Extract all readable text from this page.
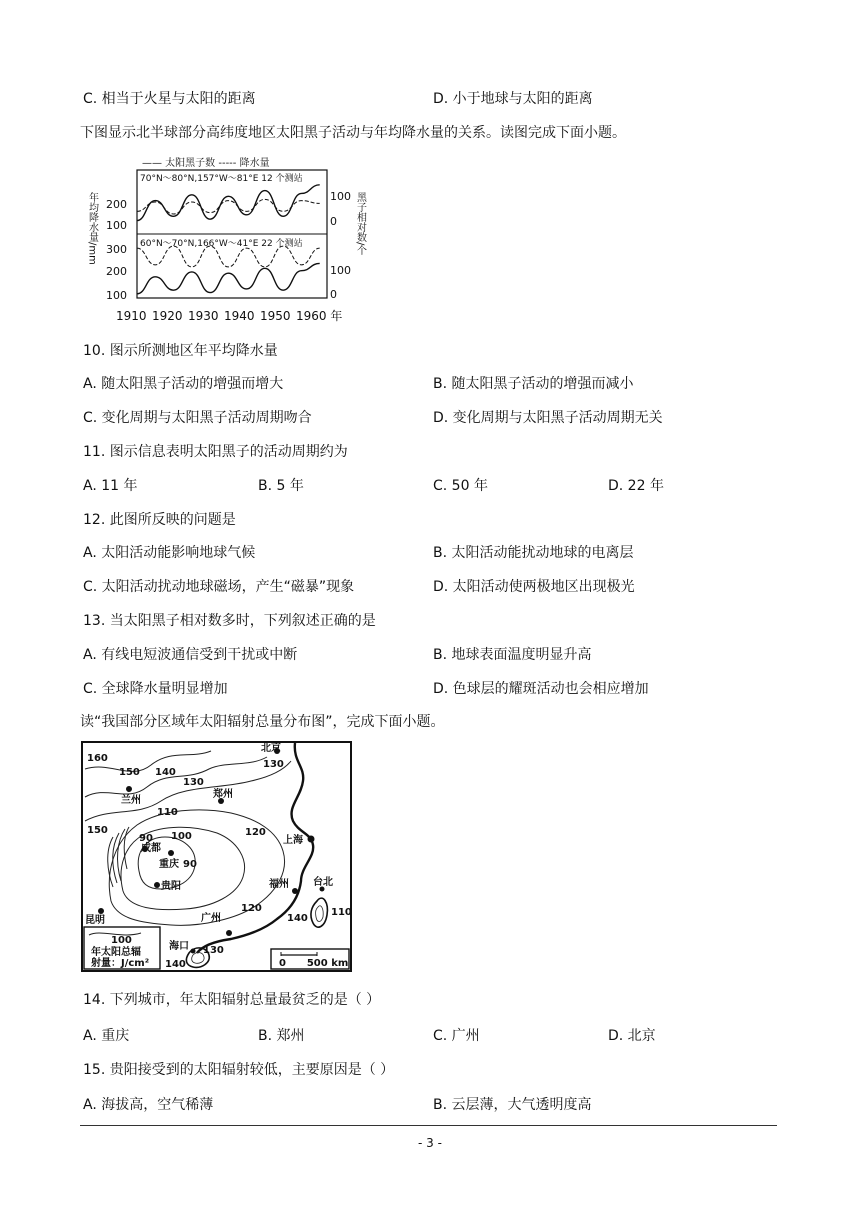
C. 相当于火星与太阳的距离	D. 小于地球与太阳的距离
下图显示北半球部分高纬度地区太阳黑子活动与年均降水量的关系。读图完成下面小题。
—— 太阳黑子数 ----- 降水量
70°N～80°N,157°W～81°E 12 个测站
60°N～70°N,166°W～41°E 22 个测站
年均降水量/mm	黑子相对数/个
200
100
300
200
100
100
0
100
0
1910 1920 1930 1940 1950 1960 年
10. 图示所测地区年平均降水量
A. 随太阳黑子活动的增强而增大	B. 随太阳黑子活动的增强而减小
C. 变化周期与太阳黑子活动周期吻合	D. 变化周期与太阳黑子活动周期无关
11. 图示信息表明太阳黑子的活动周期约为
A. 11 年	B. 5 年	C. 50 年	D. 22 年
12. 此图所反映的问题是
A. 太阳活动能影响地球气候	B. 太阳活动能扰动地球的电离层
C. 太阳活动扰动地球磁场，产生“磁暴”现象	D. 太阳活动使两极地区出现极光
13. 当太阳黑子相对数多时，下列叙述正确的是
A. 有线电短波通信受到干扰或中断	B. 地球表面温度明显升高
C. 全球降水量明显增加	D. 色球层的耀斑活动也会相应增加
读“我国部分区域年太阳辐射总量分布图”，完成下面小题。
北京
郑州
兰州
上海
成都
重庆
贵阳	福州 台北
广州
昆明
海口
160
150 140
130
130
110
150
90 100
90
120
120
140
110
130
140
100
年太阳总辐
射量：J/cm²	0      500 km
14. 下列城市，年太阳辐射总量最贫乏的是（ ）
A. 重庆	B. 郑州	C. 广州	D. 北京
15. 贵阳接受到的太阳辐射较低，主要原因是（ ）
A. 海拔高，空气稀薄	B. 云层薄，大气透明度高
- 3 -
